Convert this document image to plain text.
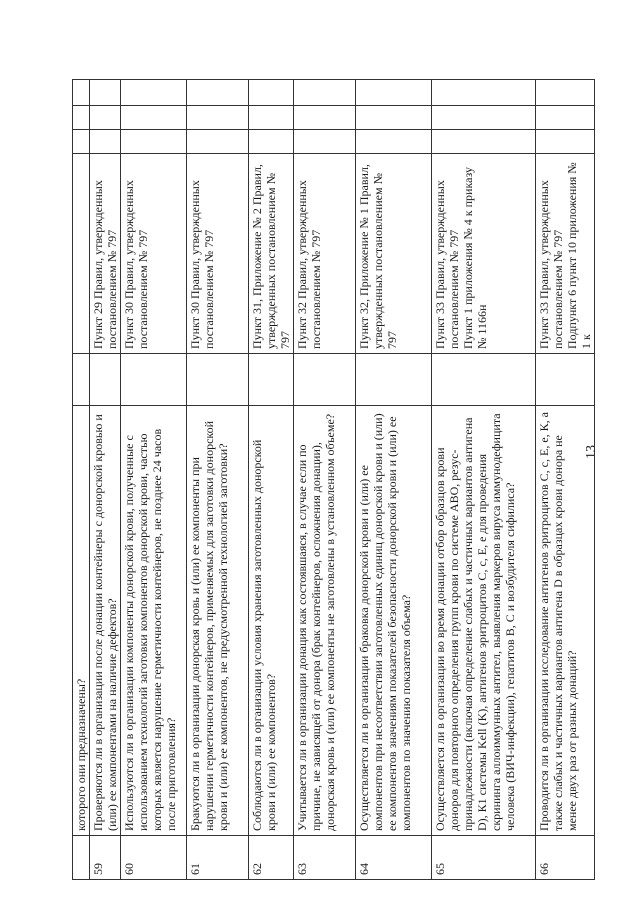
13
	которого они предназначены?					
59	Проверяются ли в организации после донации контейнеры с донорской кровью и (или) ее компонентами на наличие дефектов?		Пункт 29 Правил, утвержденных постановлением № 797			
60	Используются ли в организации компоненты донорской крови, полученные с использованием технологий заготовки компонентов донорской крови, частью которых является нарушение герметичности контейнеров, не позднее 24 часов после приготовления?		Пункт 30 Правил, утвержденных постановлением № 797			
61	Бракуются ли в организации донорская кровь и (или) ее компоненты при нарушении герметичности контейнеров, применяемых для заготовки донорской крови и (или) ее компонентов, не предусмотренной технологией заготовки?		Пункт 30 Правил, утвержденных постановлением № 797			
62	Соблюдаются ли в организации условия хранения заготовленных донорской крови и (или) ее компонентов?		Пункт 31, Приложение № 2 Правил, утвержденных постановлением № 797			
63	Учитывается ли в организации донация как состоявшаяся, в случае если по причине, не зависящей от донора (брак контейнеров, осложнения донации), донорская кровь и (или) ее компоненты не заготовлены в установленном объеме?		Пункт 32 Правил, утвержденных постановлением № 797			
64	Осуществляется ли в организации браковка донорской крови и (или) ее компонентов при несоответствии заготовленных единиц донорской крови и (или) ее компонентов значениям показателей безопасности донорской крови и (или) ее компонентов по значению показателя объема?		Пункт 32, Приложение № 1 Правил, утвержденных постановлением № 797			
65	Осуществляется ли в организации во время донации отбор образцов крови доноров для повторного определения групп крови по системе АВО, резус-принадлежности (включая определение слабых и частичных вариантов антигена D), К1 системы Kell (K), антигенов эритроцитов С, с, Е, е для проведения скрининга аллоиммунных антител, выявления маркеров вируса иммунодефицита человека (ВИЧ-инфекции), гепатитов В, С и возбудителя сифилиса?		Пункт 33 Правил, утвержденных постановлением № 797
Пункт 1 приложения № 4 к приказу № 1166н			
66	Проводится ли в организации исследование антигенов эритроцитов С, с, Е, е, К, а также слабых и частичных вариантов антигена D в образцах крови донора не менее двух раз от разных донаций?		Пункт 33 Правил, утвержденных постановлением № 797
Подпункт 6 пункт 10 приложения № 1 к			
